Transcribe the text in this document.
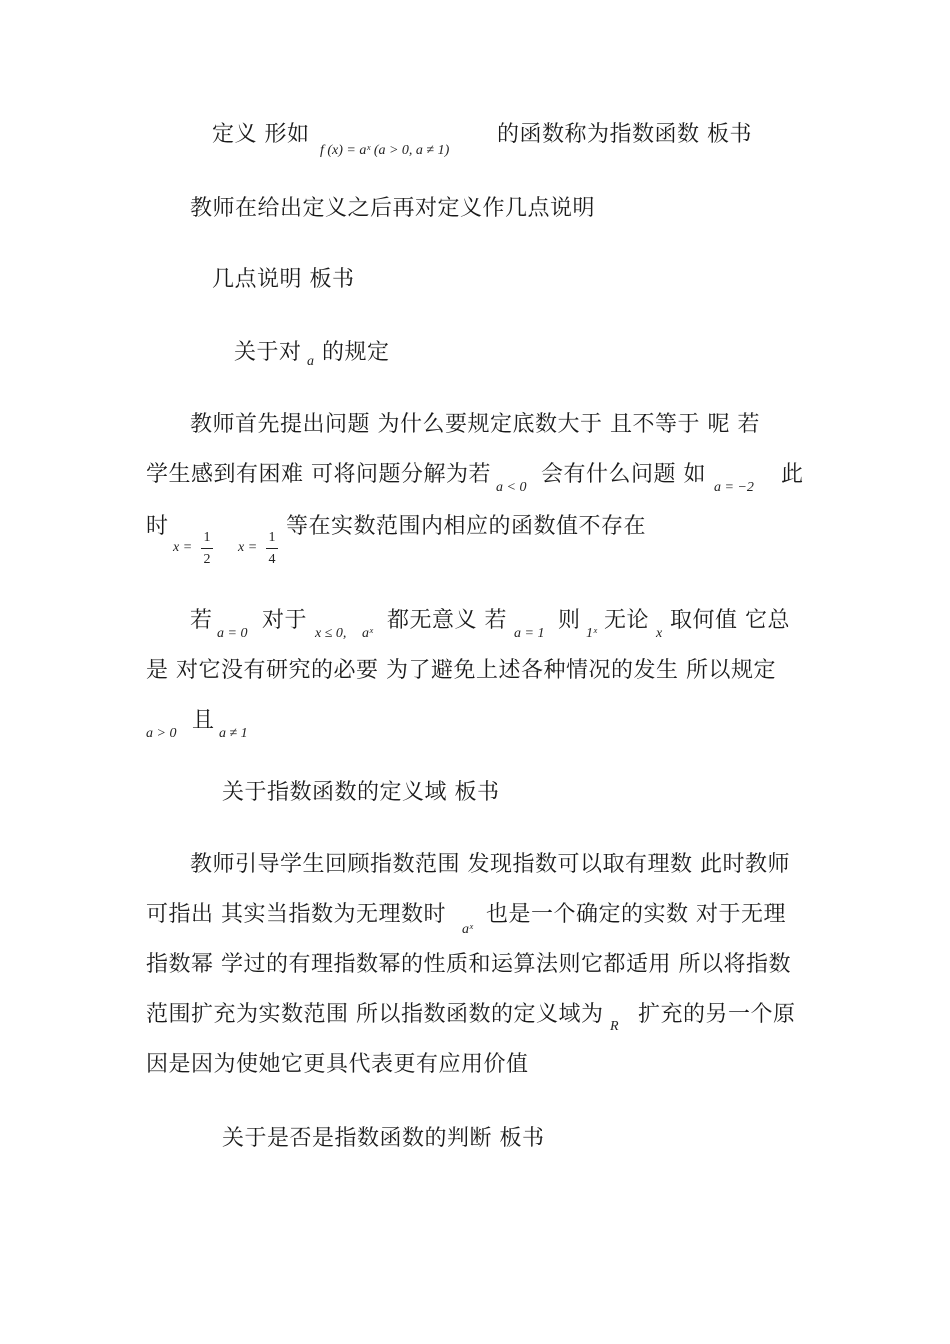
定义 形如
f (x) = aˣ (a > 0, a ≠ 1)
的函数称为指数函数 板书
教师在给出定义之后再对定义作几点说明
几点说明 板书
关于对 a 的规定
教师首先提出问题 为什么要规定底数大于 且不等于 呢 若
学生感到有困难 可将问题分解为若
a < 0
会有什么问题 如
a = −2
此
时
x =
1
2
x =
1
4
等在实数范围内相应的函数值不存在
若
a = 0
对于
x ≤ 0, aˣ
都无意义 若
a = 1
则
1ˣ
无论
x
取何值 它总
是 对它没有研究的必要 为了避免上述各种情况的发生 所以规定
a > 0
且
a ≠ 1
关于指数函数的定义域 板书
教师引导学生回顾指数范围 发现指数可以取有理数 此时教师
可指出 其实当指数为无理数时
aˣ
也是一个确定的实数 对于无理
指数幂 学过的有理指数幂的性质和运算法则它都适用 所以将指数
范围扩充为实数范围 所以指数函数的定义域为 R 扩充的另一个原
因是因为使她它更具代表更有应用价值
关于是否是指数函数的判断 板书
